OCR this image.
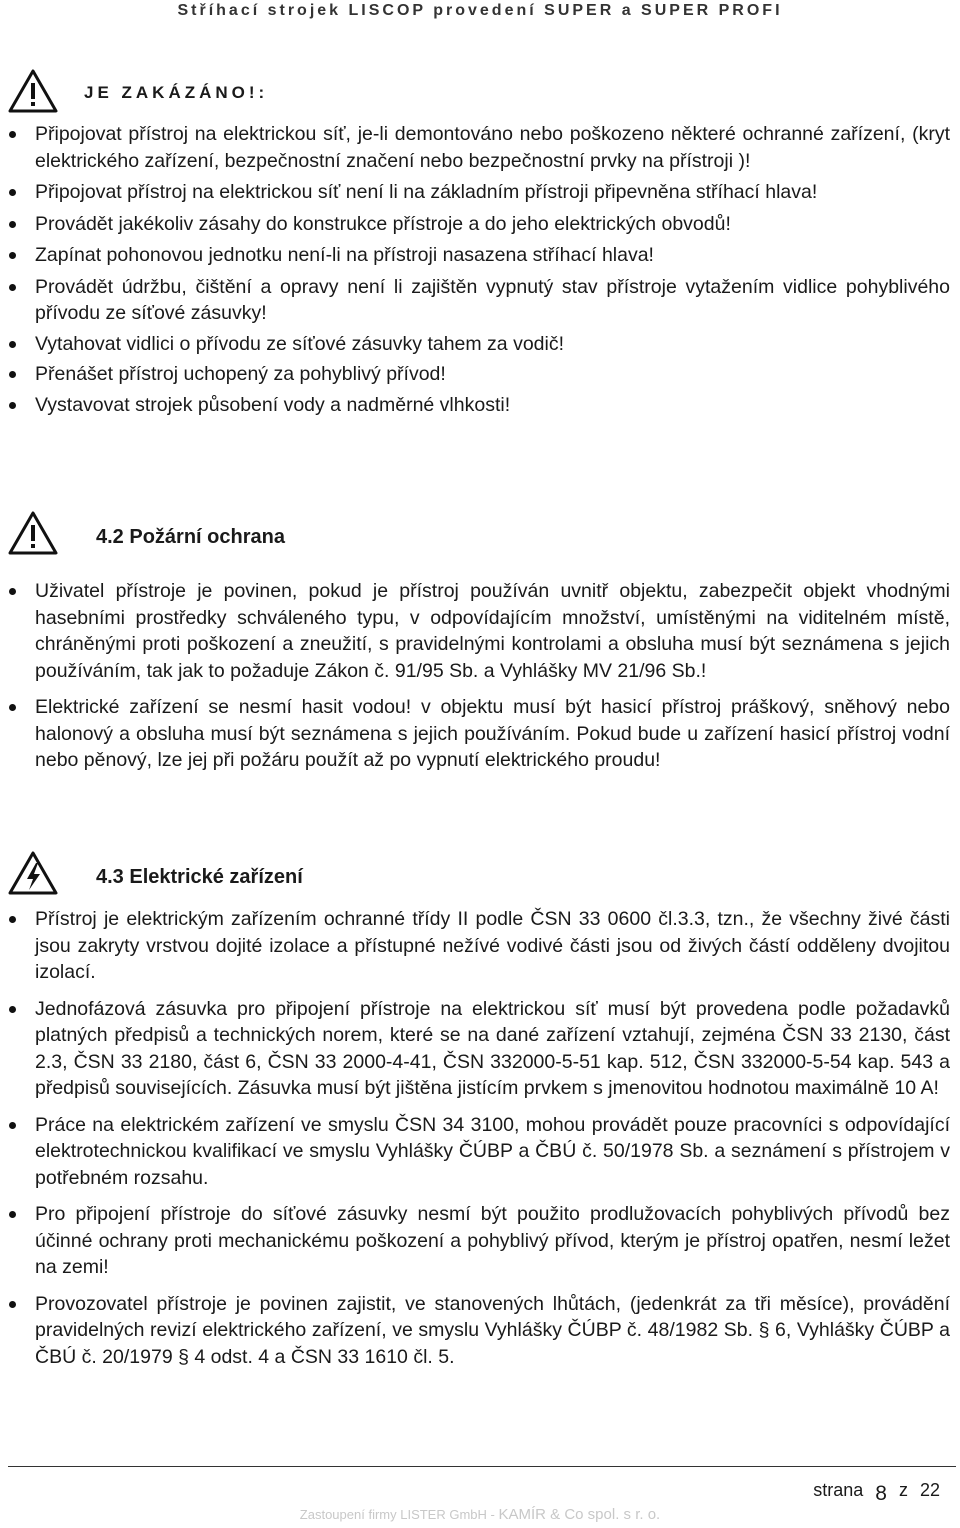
Stříhací strojek LISCOP provedení SUPER a SUPER PROFI
JE ZAKÁZÁNO!:
Připojovat přístroj na elektrickou síť, je-li demontováno nebo poškozeno některé ochranné zařízení, (kryt elektrického zařízení, bezpečnostní značení nebo bezpečnostní prvky na přístroji )!
Připojovat přístroj na elektrickou síť není li na základním přístroji připevněna stříhací hlava!
Provádět jakékoliv zásahy do konstrukce přístroje a do jeho elektrických obvodů!
Zapínat pohonovou jednotku není-li na přístroji nasazena stříhací hlava!
Provádět údržbu, čištění a opravy není li zajištěn vypnutý stav přístroje vytažením vidlice pohyblivého přívodu ze síťové zásuvky!
Vytahovat vidlici o přívodu ze síťové zásuvky tahem za vodič!
Přenášet přístroj uchopený za pohyblivý přívod!
Vystavovat strojek působení vody a nadměrné vlhkosti!
4.2 Požární ochrana
Uživatel přístroje je povinen, pokud je přístroj používán uvnitř objektu, zabezpečit objekt vhodnými hasebními prostředky schváleného typu, v odpovídajícím množství, umístěnými na viditelném místě, chráněnými proti poškození a zneužití, s pravidelnými kontrolami a obsluha musí být seznámena s jejich používáním, tak jak to požaduje Zákon č. 91/95 Sb. a Vyhlášky MV 21/96 Sb.!
Elektrické zařízení se nesmí hasit vodou! v objektu musí být hasicí přístroj práškový, sněhový nebo halonový a obsluha musí být seznámena s jejich používáním. Pokud bude u zařízení hasicí přístroj vodní nebo pěnový, lze jej při požáru použít až po vypnutí elektrického proudu!
4.3 Elektrické zařízení
Přístroj je elektrickým zařízením ochranné třídy II podle ČSN 33 0600 čl.3.3, tzn., že všechny živé části jsou zakryty vrstvou dojité izolace a přístupné nežívé vodivé části jsou od živých částí odděleny dvojitou izolací.
Jednofázová zásuvka pro připojení přístroje na elektrickou síť musí být provedena podle požadavků platných předpisů a technických norem, které se na dané zařízení vztahují, zejména ČSN 33 2130, část 2.3, ČSN 33 2180, část 6, ČSN 33 2000-4-41, ČSN 332000-5-51 kap. 512, ČSN 332000-5-54 kap. 543 a předpisů souvisejících. Zásuvka musí být jištěna jistícím prvkem s jmenovitou hodnotou maximálně 10 A!
Práce na elektrickém zařízení ve smyslu ČSN 34 3100, mohou provádět pouze pracovníci s odpovídající elektrotechnickou kvalifikací ve smyslu Vyhlášky ČÚBP a ČBÚ č. 50/1978 Sb. a seznámení s přístrojem v potřebném rozsahu.
Pro připojení přístroje do síťové zásuvky nesmí být použito prodlužovacích pohyblivých přívodů bez účinné ochrany proti mechanickému poškození a pohyblivý přívod, kterým je přístroj opatřen, nesmí ležet na zemi!
Provozovatel přístroje je povinen zajistit, ve stanovených lhůtách, (jedenkrát za tři měsíce), provádění pravidelných revizí elektrického zařízení, ve smyslu Vyhlášky ČÚBP č. 48/1982 Sb. § 6, Vyhlášky ČÚBP a ČBÚ č. 20/1979 § 4 odst. 4 a ČSN 33 1610 čl. 5.
strana 8 z 22
Zastoupení firmy LISTER GmbH - KAMÍR & Co spol. s r. o.
